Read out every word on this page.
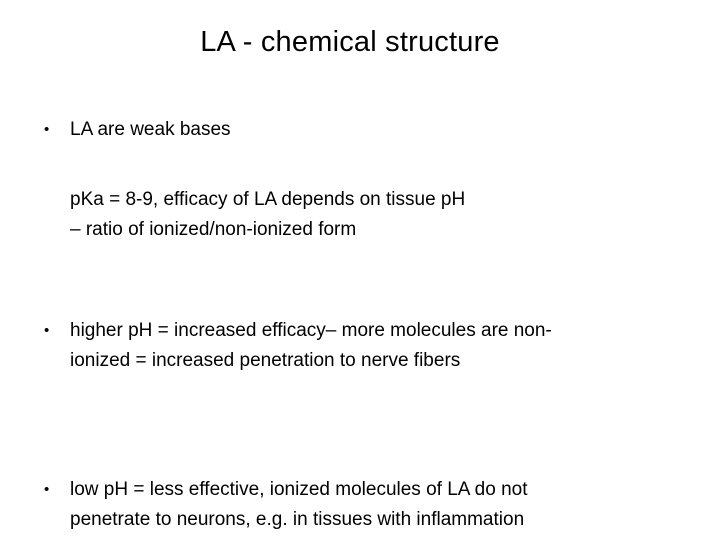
LA - chemical structure
• LA are weak bases
pKa = 8-9, efficacy of LA depends on tissue pH
– ratio of ionized/non-ionized form
• higher pH = increased efficacy– more molecules are non-
ionized = increased penetration to nerve fibers
• low pH = less effective, ionized molecules of LA do not
penetrate to neurons, e.g. in tissues with inflammation
